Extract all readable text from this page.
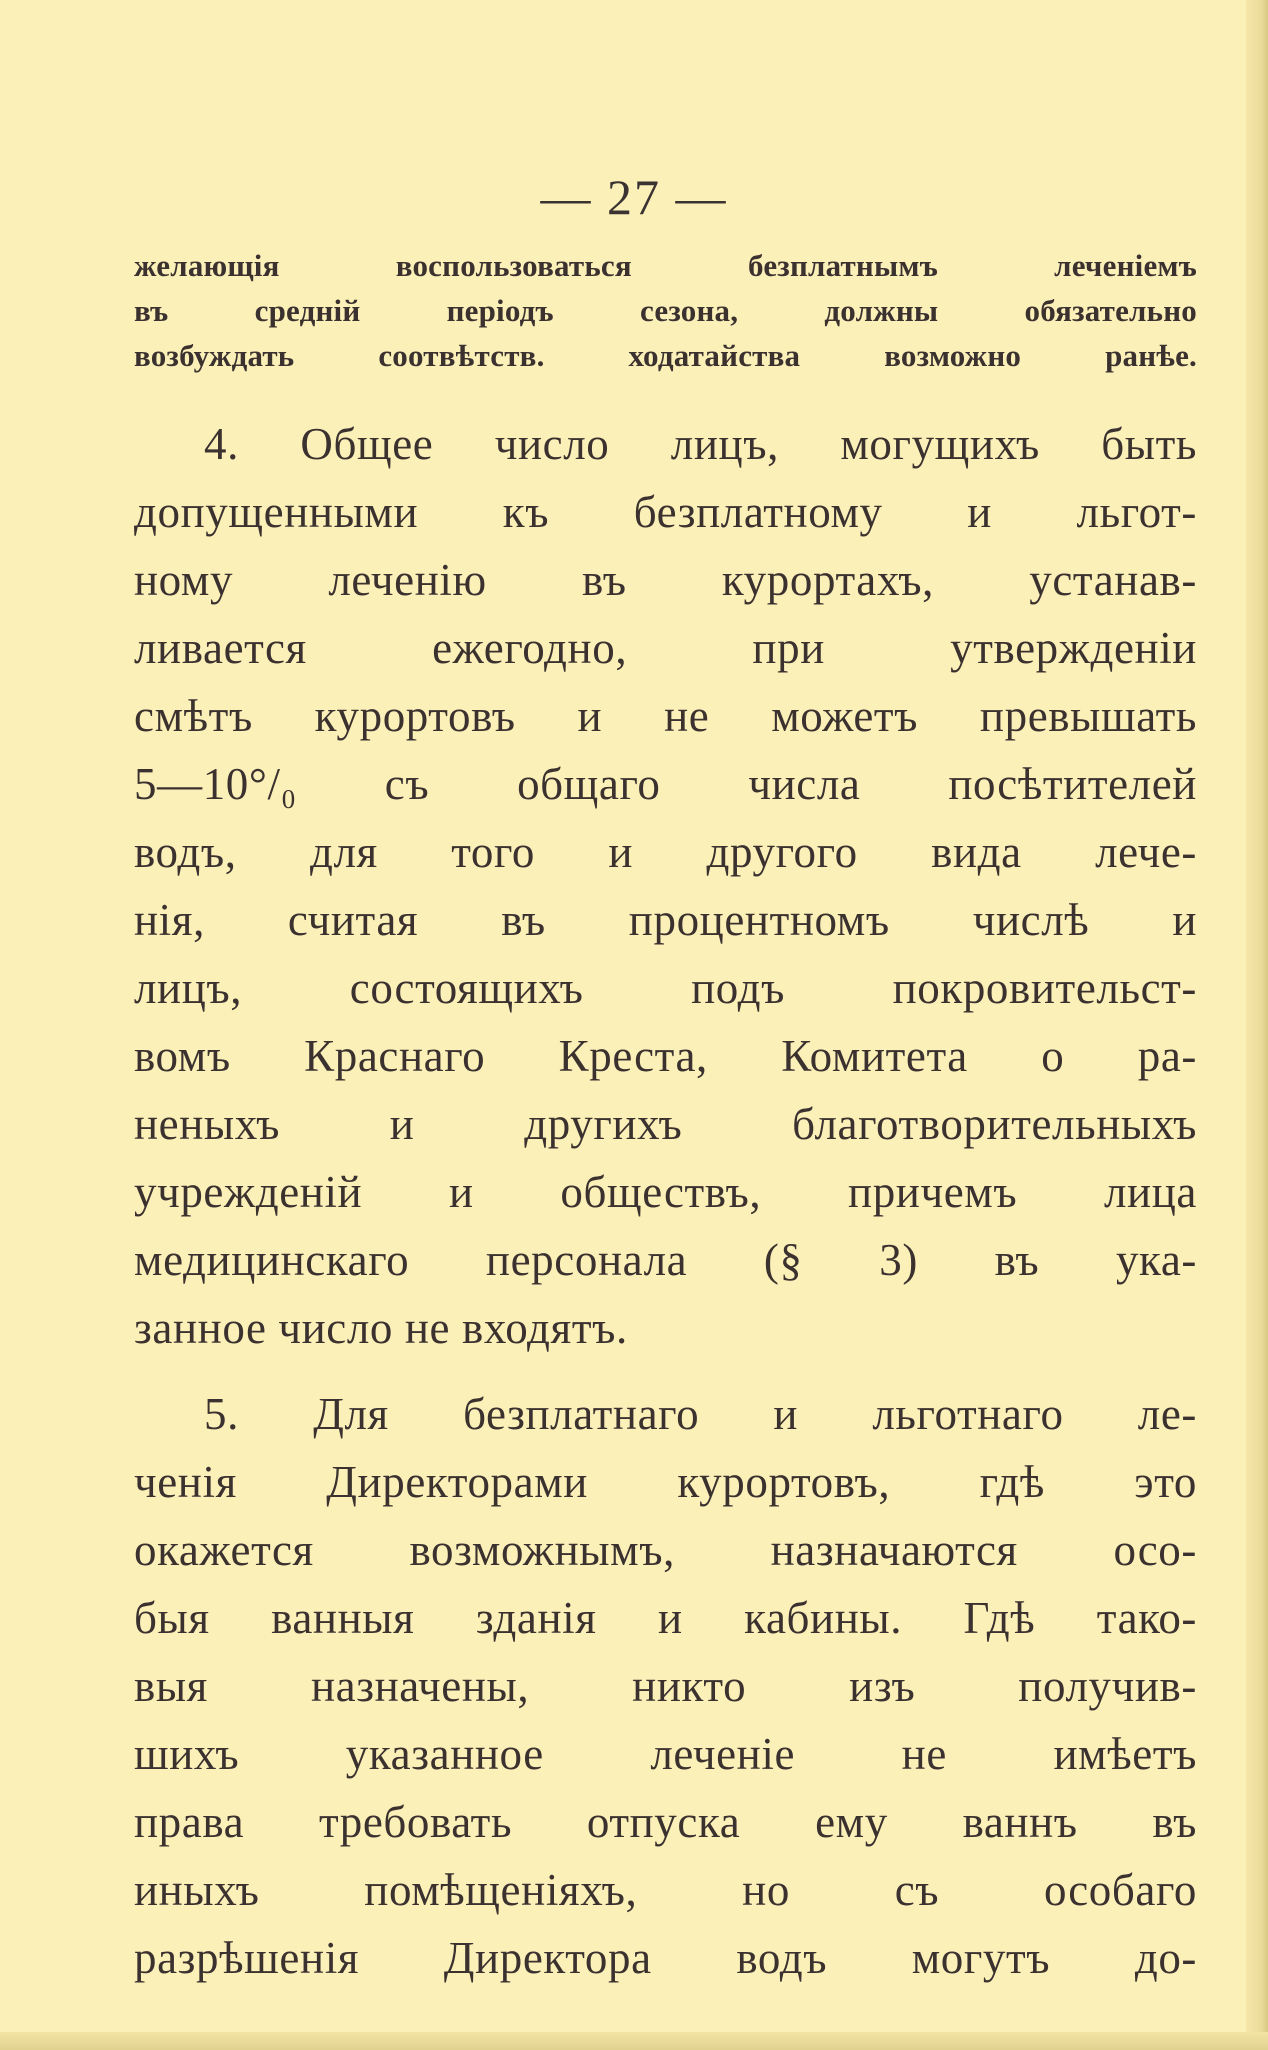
— 27 —
желающія воспользоваться безплатнымъ леченіемъ
въ средній періодъ сезона, должны обязательно
возбуждать соотвѣтств. ходатайства возможно ранѣе.
4. Общее число лицъ, могущихъ быть
допущенными къ безплатному и льгот-
ному леченію въ курортахъ, устанав-
ливается ежегодно, при утвержденіи
смѣтъ курортовъ и не можетъ превышать
5—10°/₀ съ общаго числа посѣтителей
водъ, для того и другого вида лече-
нія, считая въ процентномъ числѣ и
лицъ, состоящихъ подъ покровительст-
вомъ Краснаго Креста, Комитета о ра-
неныхъ и другихъ благотворительныхъ
учрежденій и обществъ, причемъ лица
медицинскаго персонала (§ 3) въ ука-
занное число не входятъ.
5. Для безплатнаго и льготнаго ле-
ченія Директорами курортовъ, гдѣ это
окажется возможнымъ, назначаются осо-
быя ванныя зданія и кабины. Гдѣ тако-
выя назначены, никто изъ получив-
шихъ указанное леченіе не имѣетъ
права требовать отпуска ему ваннъ въ
иныхъ помѣщеніяхъ, но съ особаго
разрѣшенія Директора водъ могутъ до-
